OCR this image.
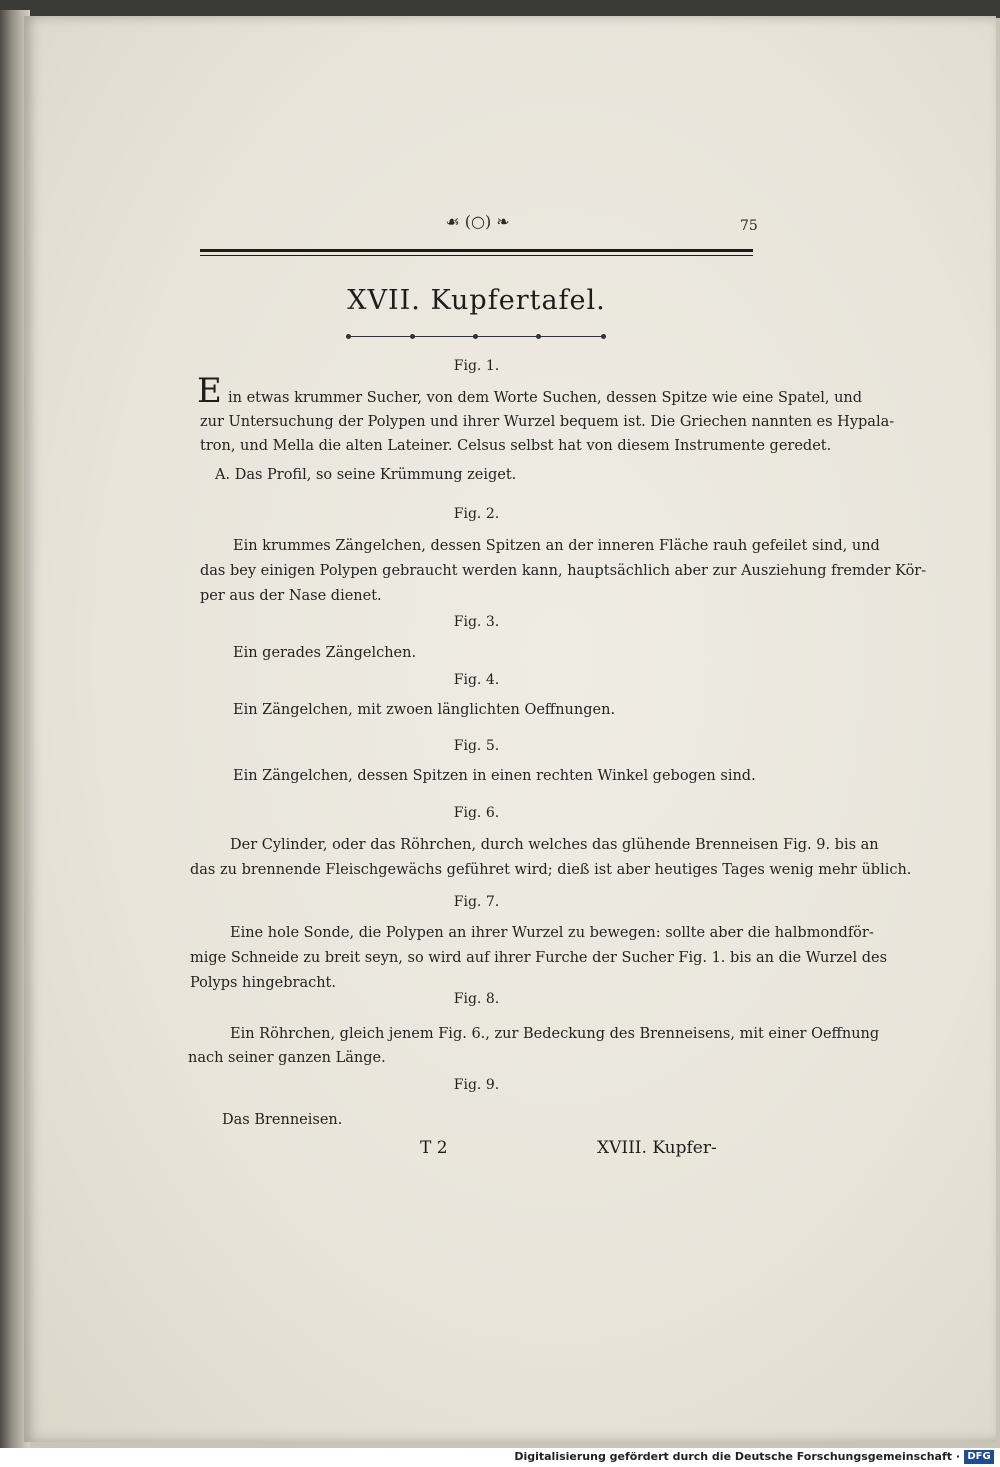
☙ (○) ❧	75
XVII. Kupfertafel.
Fig. 1.
E in etwas krummer Sucher, von dem Worte Suchen, dessen Spitze wie eine Spatel, und
zur Untersuchung der Polypen und ihrer Wurzel bequem ist. Die Griechen nannten es Hypala-
tron, und Mella die alten Lateiner. Celsus selbst hat von diesem Instrumente geredet.
A. Das Profil, so seine Krümmung zeiget.
Fig. 2.
Ein krummes Zängelchen, dessen Spitzen an der inneren Fläche rauh gefeilet sind, und
das bey einigen Polypen gebraucht werden kann, hauptsächlich aber zur Ausziehung fremder Kör-
per aus der Nase dienet.
Fig. 3.
Ein gerades Zängelchen.
Fig. 4.
Ein Zängelchen, mit zwoen länglichten Oeffnungen.
Fig. 5.
Ein Zängelchen, dessen Spitzen in einen rechten Winkel gebogen sind.
Fig. 6.
Der Cylinder, oder das Röhrchen, durch welches das glühende Brenneisen Fig. 9. bis an
das zu brennende Fleischgewächs geführet wird; dieß ist aber heutiges Tages wenig mehr üblich.
Fig. 7.
Eine hole Sonde, die Polypen an ihrer Wurzel zu bewegen: sollte aber die halbmondför-
mige Schneide zu breit seyn, so wird auf ihrer Furche der Sucher Fig. 1. bis an die Wurzel des
Polyps hingebracht.
Fig. 8.
Ein Röhrchen, gleich jenem Fig. 6., zur Bedeckung des Brenneisens, mit einer Oeffnung
nach seiner ganzen Länge.
Fig. 9.
Das Brenneisen.
T 2	XVIII. Kupfer-
Digitalisierung gefördert durch die Deutsche Forschungsgemeinschaft · DFG
